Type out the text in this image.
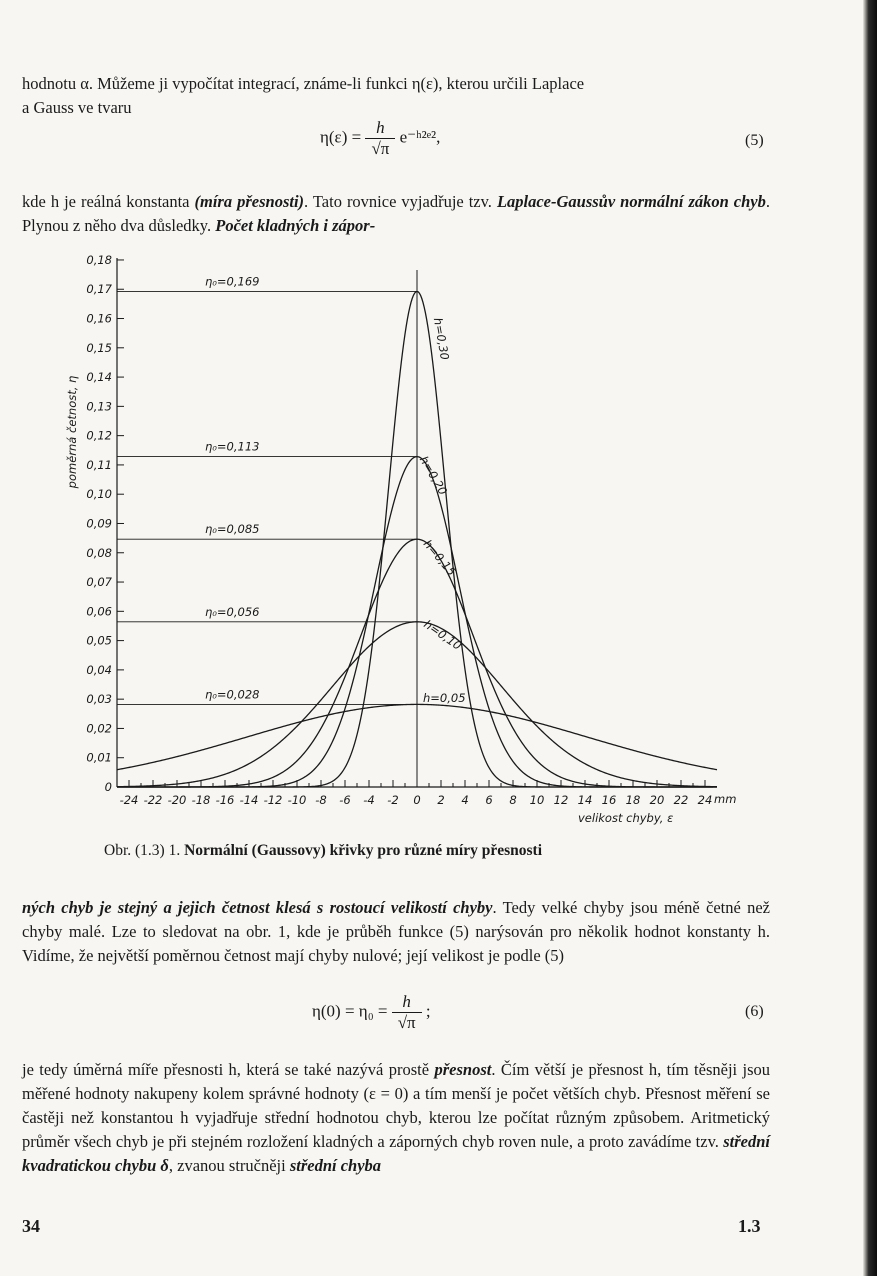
hodnotu α. Můžeme ji vypočítat integrací, známe-li funkci η(ε), kterou určili Laplace
a Gauss ve tvaru

$\eta(\varepsilon) = \frac{h}{√\pi}$ e⁻ʰ²ᵉ²,	(5)

kde h je reálná konstanta (míra přesnosti). Tato rovnice vyjadřuje tzv. Laplace-Gaussův normální zákon chyb. Plynou z něho dva důsledky. Počet kladných i zápor-

-24 -22 -20 -18 -16 -14 -12 -10 -8 -6 -4 -2 0 2 4 6 8 10 12 14 16 18 20 22 24
0
0,01
0,02
0,03
0,04
0,05
0,06
0,07
0,08
0,09
0,10
0,11
0,12
0,13
0,14
0,15
0,16
0,17
0,18
η₀=0,169
h=0,30
η₀=0,113
h=0,20
η₀=0,085
h=0,15
η₀=0,056
h=0,10
η₀=0,028	h=0,05
poměrná četnost, η
velikost chyby, ε
mm
Obr. (1.3) 1. Normální (Gaussovy) křivky pro různé míry přesnosti

ných chyb je stejný a jejich četnost klesá s rostoucí velikostí chyby. Tedy velké chyby jsou méně četné než chyby malé. Lze to sledovat na obr. 1, kde je průběh funkce (5) narýsován pro několik hodnot konstanty h. Vidíme, že největší poměrnou četnost mají chyby nulové; její velikost je podle (5)

$\eta(0) = \eta_0 = \frac{h}{√\pi}$ ;	(6)

je tedy úměrná míře přesnosti h, která se také nazývá prostě přesnost. Čím větší je přesnost h, tím těsněji jsou měřené hodnoty nakupeny kolem správné hodnoty (ε = 0) a tím menší je počet větších chyb. Přesnost měření se častěji než konstantou h vyjadřuje střední hodnotou chyb, kterou lze počítat různým způsobem. Aritmetický průměr všech chyb je při stejném rozložení kladných a záporných chyb roven nule, a proto zavádíme tzv. střední kvadratickou chybu δ, zvanou stručněji střední chyba

34	1.3
